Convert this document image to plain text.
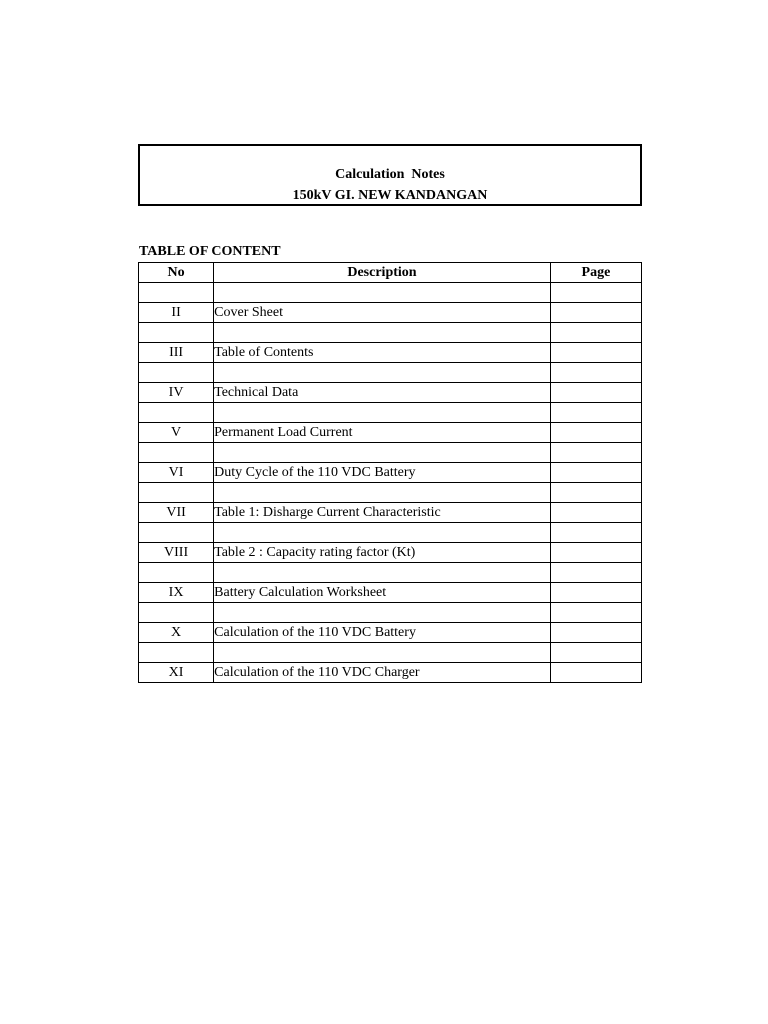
Calculation  Notes
150kV GI. NEW KANDANGAN
TABLE OF CONTENT
No	Description	Page

II	Cover Sheet	

III	Table of Contents	

IV	Technical Data	

V	Permanent Load Current	

VI	Duty Cycle of the 110 VDC Battery	

VII	Table 1: Disharge Current Characteristic	

VIII	Table 2 : Capacity rating factor (Kt)	

IX	Battery Calculation Worksheet	

X	Calculation of the 110 VDC Battery	

XI	Calculation of the 110 VDC Charger	
